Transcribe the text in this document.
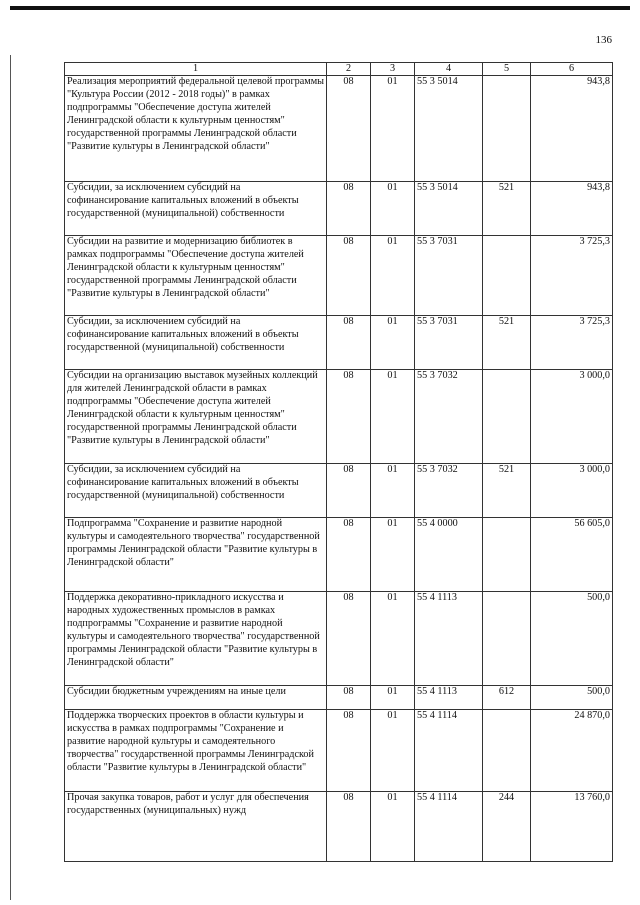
136
1	2	3	4	5	6
Реализация мероприятий федеральной целевой программы "Культура России (2012 - 2018 годы)" в рамках подпрограммы "Обеспечение доступа жителей Ленинградской области к культурным ценностям" государственной программы Ленинградской области "Развитие культуры в Ленинградской области"	08	01	55 3 5014		943,8
Субсидии, за исключением субсидий на софинансирование капитальных вложений в объекты государственной (муниципальной) собственности	08	01	55 3 5014	521	943,8
Субсидии на развитие и модернизацию библиотек в рамках подпрограммы "Обеспечение доступа жителей Ленинградской области к культурным ценностям" государственной программы Ленинградской области "Развитие культуры в Ленинградской области"	08	01	55 3 7031		3 725,3
Субсидии, за исключением субсидий на софинансирование капитальных вложений в объекты государственной (муниципальной) собственности	08	01	55 3 7031	521	3 725,3
Субсидии на организацию выставок музейных коллекций для жителей Ленинградской области в рамках подпрограммы "Обеспечение доступа жителей Ленинградской области к культурным ценностям" государственной программы Ленинградской области "Развитие культуры в Ленинградской области"	08	01	55 3 7032		3 000,0
Субсидии, за исключением субсидий на софинансирование капитальных вложений в объекты государственной (муниципальной) собственности	08	01	55 3 7032	521	3 000,0
Подпрограмма "Сохранение и развитие народной культуры и самодеятельного творчества" государственной программы Ленинградской области "Развитие культуры в Ленинградской области"	08	01	55 4 0000		56 605,0
Поддержка декоративно-прикладного искусства и народных художественных промыслов в рамках подпрограммы "Сохранение и развитие народной культуры и самодеятельного творчества" государственной программы Ленинградской области "Развитие культуры в Ленинградской области"	08	01	55 4 1113		500,0
Субсидии бюджетным учреждениям на иные цели	08	01	55 4 1113	612	500,0
Поддержка творческих проектов в области культуры и искусства в рамках подпрограммы "Сохранение и развитие народной культуры и самодеятельного творчества" государственной программы Ленинградской области "Развитие культуры в Ленинградской области"	08	01	55 4 1114		24 870,0
Прочая закупка товаров, работ и услуг для обеспечения государственных (муниципальных) нужд	08	01	55 4 1114	244	13 760,0
